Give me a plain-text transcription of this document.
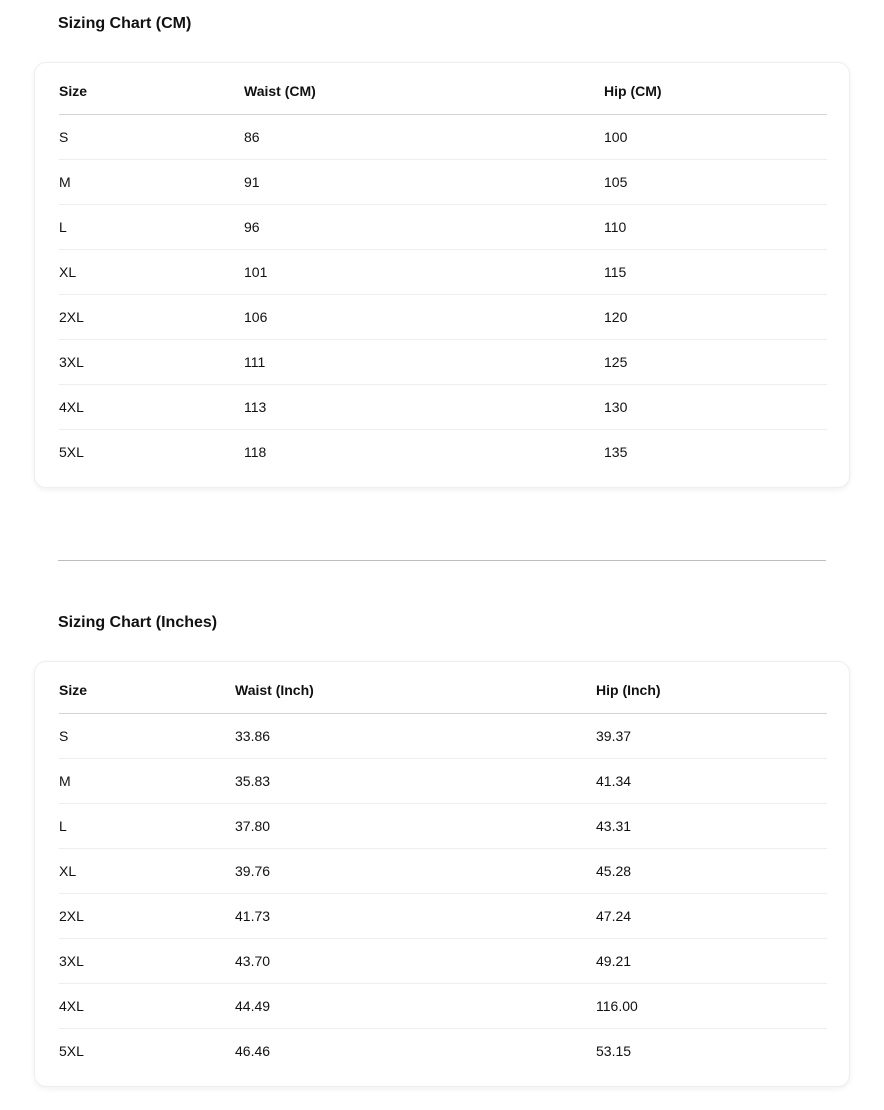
Sizing Chart (CM)
Size	Waist (CM)	Hip (CM)
S	86	100
M	91	105
L	96	110
XL	101	115
2XL	106	120
3XL	111	125
4XL	113	130
5XL	118	135
Sizing Chart (Inches)
Size	Waist (Inch)	Hip (Inch)
S	33.86	39.37
M	35.83	41.34
L	37.80	43.31
XL	39.76	45.28
2XL	41.73	47.24
3XL	43.70	49.21
4XL	44.49	116.00
5XL	46.46	53.15
